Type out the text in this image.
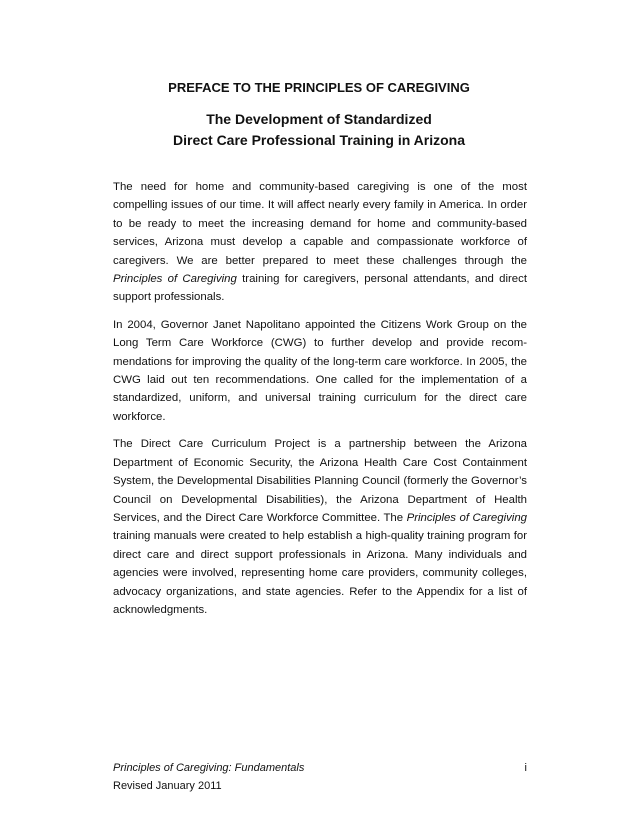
PREFACE TO THE PRINCIPLES OF CAREGIVING
The Development of Standardized
Direct Care Professional Training in Arizona

The need for home and community-based caregiving is one of the most compelling issues of our time. It will affect nearly every family in America. In order to be ready to meet the increasing demand for home and community-based services, Arizona must develop a capable and compassionate workforce of caregivers. We are better prepared to meet these challenges through the Principles of Caregiving training for caregivers, personal attendants, and direct support professionals.

In 2004, Governor Janet Napolitano appointed the Citizens Work Group on the Long Term Care Workforce (CWG) to further develop and provide recom-mendations for improving the quality of the long-term care workforce. In 2005, the CWG laid out ten recommendations. One called for the implementation of a standardized, uniform, and universal training curriculum for the direct care workforce.

The Direct Care Curriculum Project is a partnership between the Arizona Department of Economic Security, the Arizona Health Care Cost Containment System, the Developmental Disabilities Planning Council (formerly the Governor’s Council on Developmental Disabilities), the Arizona Department of Health Services, and the Direct Care Workforce Committee. The Principles of Caregiving training manuals were created to help establish a high-quality training program for direct care and direct support professionals in Arizona. Many individuals and agencies were involved, representing home care providers, community colleges, advocacy organizations, and state agencies. Refer to the Appendix for a list of acknowledgments.

Principles of Caregiving: Fundamentals
Revised January 2011
i
